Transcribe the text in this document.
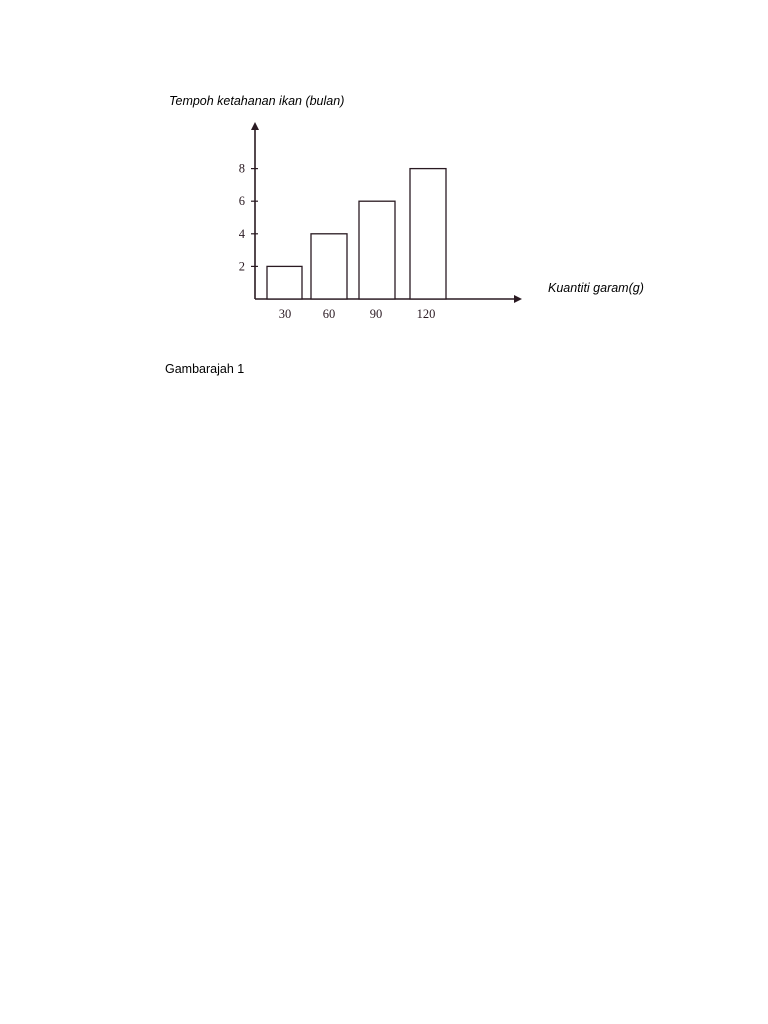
Tempoh ketahanan ikan (bulan)
Kuantiti garam(g)
2
4
6
8
30	60	90	120
Gambarajah 1
